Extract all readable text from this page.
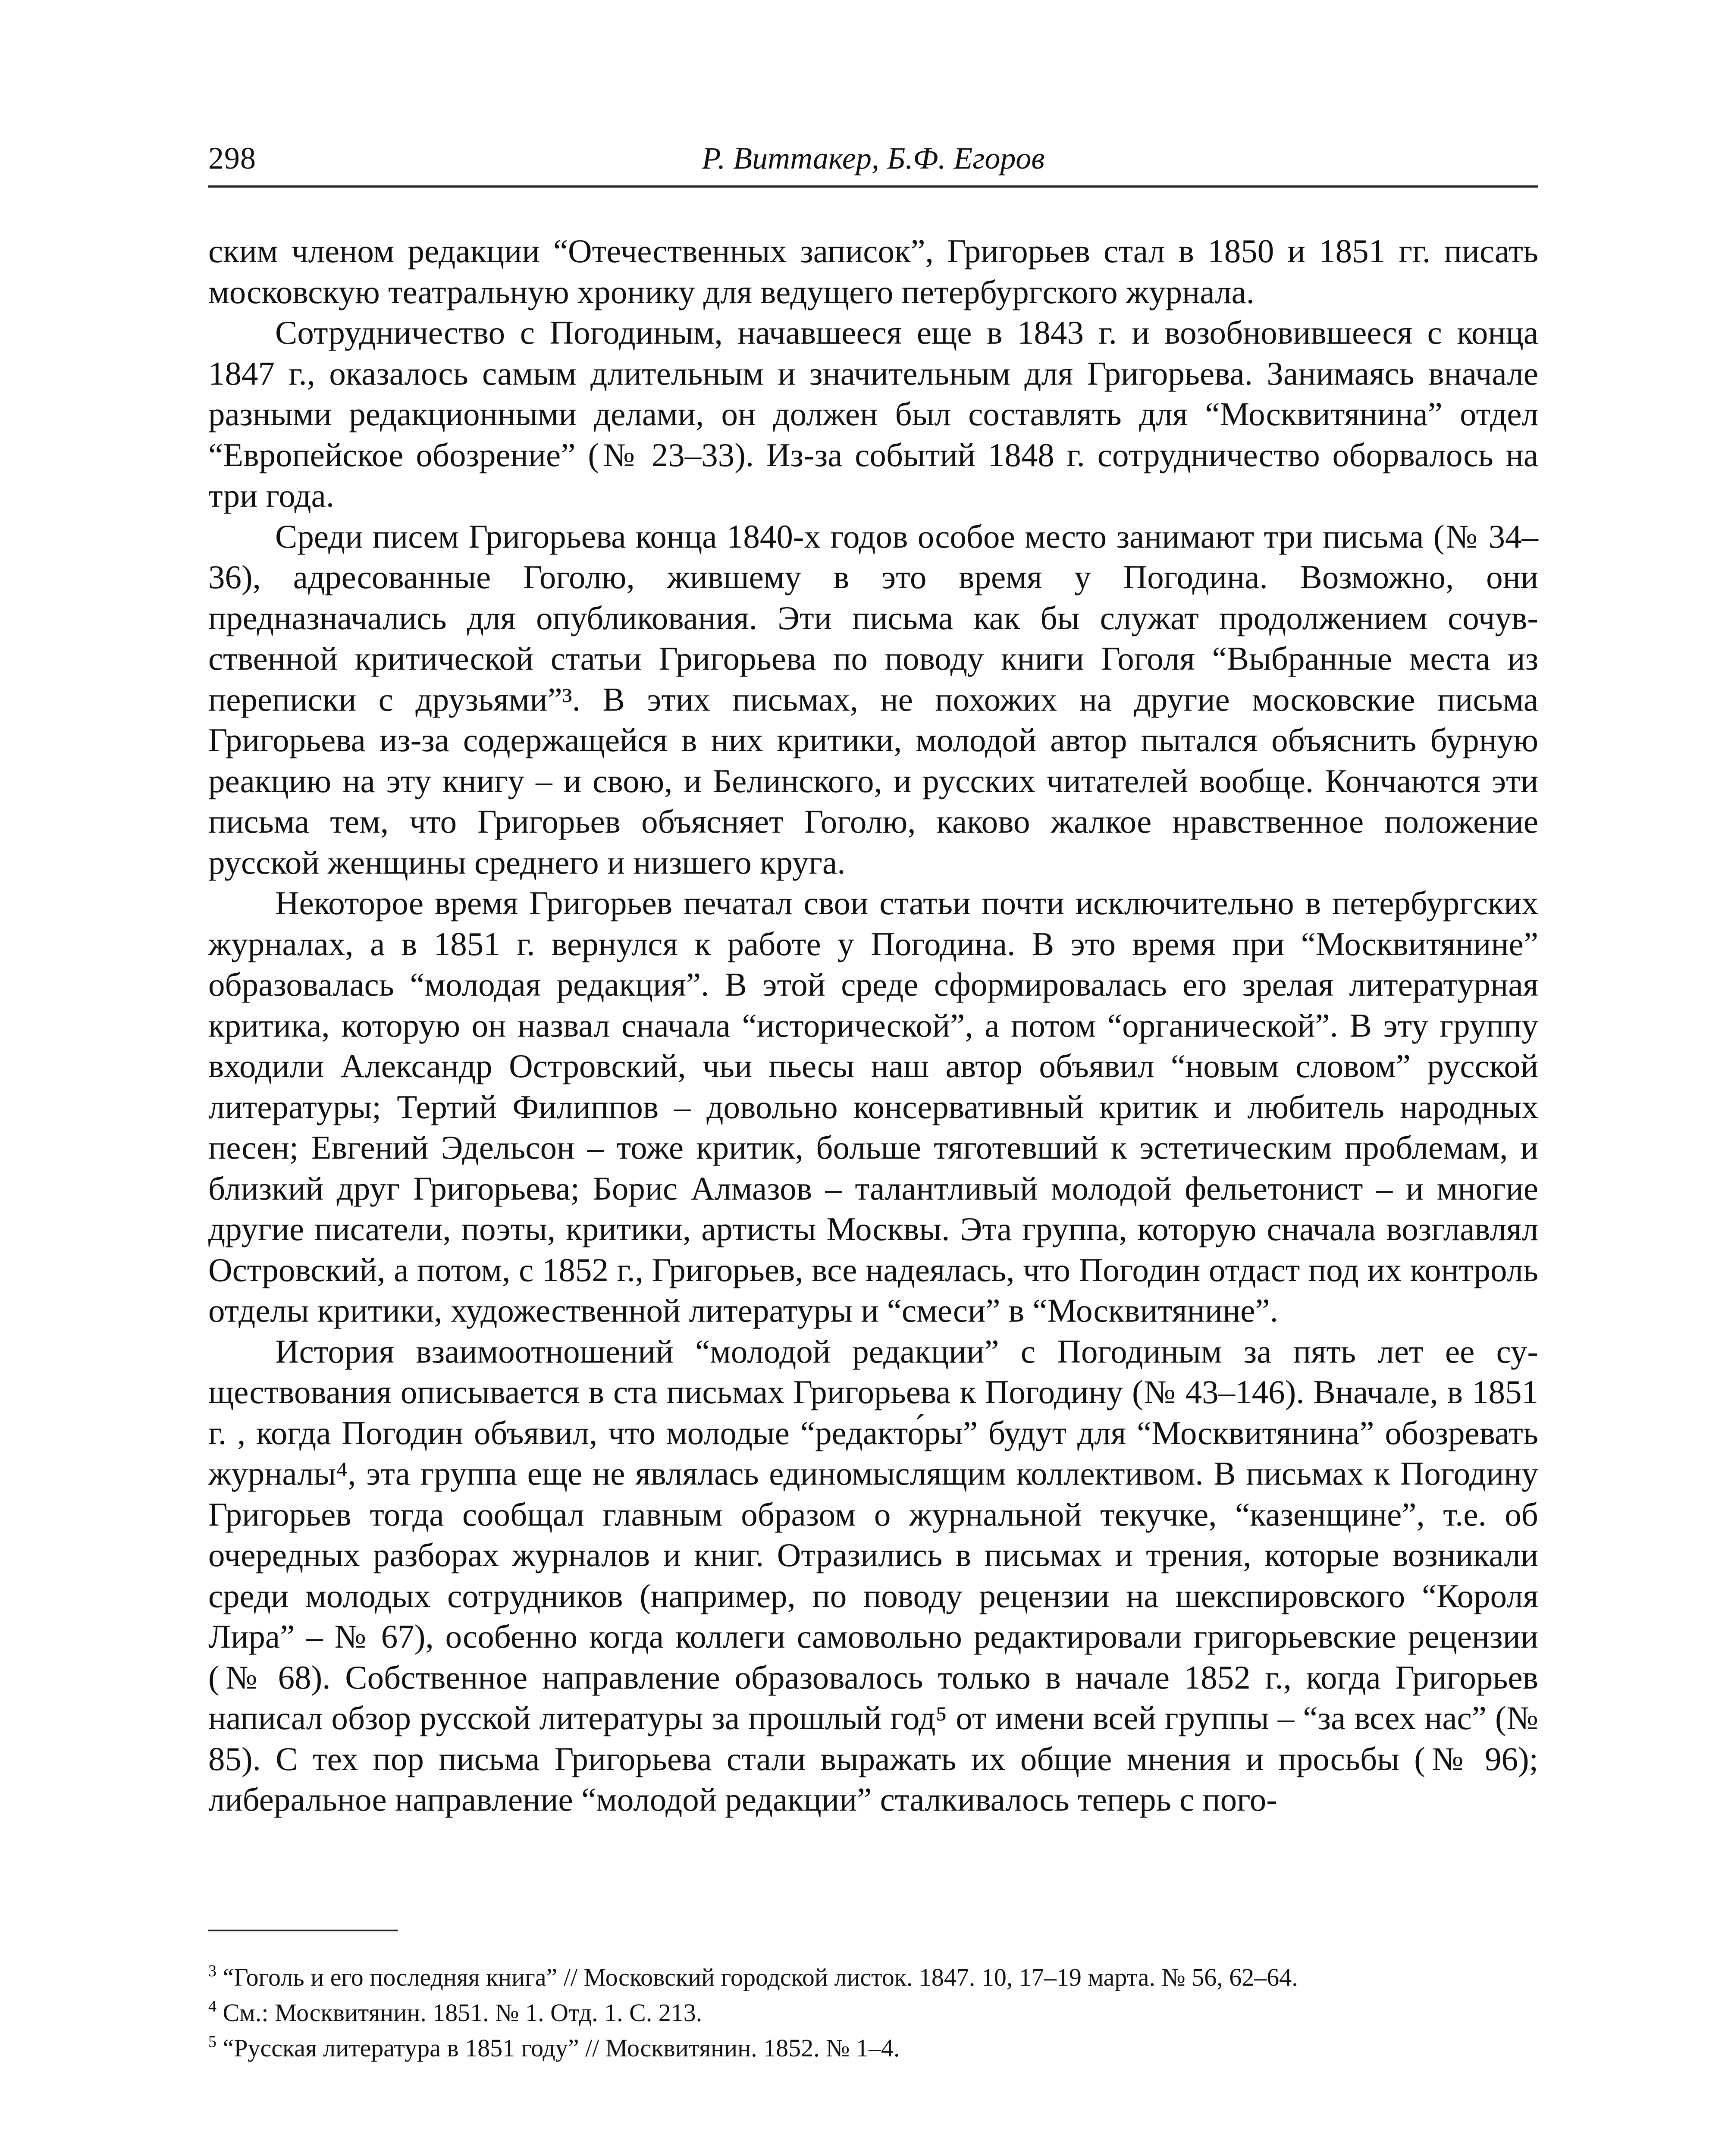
298	Р. Виттакер, Б.Ф. Егоров

ским членом редакции “Отечественных записок”, Григорьев стал в 1850 и 1851 гг. писать московскую театральную хронику для ведущего петербургского журнала.

Сотрудничество с Погодиным, начавшееся еще в 1843 г. и возобновившееся с конца 1847 г., оказалось самым длительным и значительным для Григорьева. Занимаясь вначале разными редакционными делами, он должен был составлять для “Москвитянина” отдел “Европейское обозрение” (№ 23–33). Из-за событий 1848 г. сотрудничество оборвалось на три года.

Среди писем Григорьева конца 1840-х годов особое место занимают три письма (№ 34–36), адресованные Гоголю, жившему в это время у Погодина. Возможно, они предназначались для опубликования. Эти письма как бы служат продолжением сочувственной критической статьи Григорьева по поводу книги Гоголя “Выбранные места из переписки с друзьями”³. В этих письмах, не похожих на другие московские письма Григорьева из-за содержащейся в них критики, молодой автор пытался объяснить бурную реакцию на эту книгу – и свою, и Белинского, и русских читателей вообще. Кончаются эти письма тем, что Григорьев объясняет Гоголю, каково жалкое нравственное положение русской женщины среднего и низшего круга.

Некоторое время Григорьев печатал свои статьи почти исключительно в петербургских журналах, а в 1851 г. вернулся к работе у Погодина. В это время при “Москвитянине” образовалась “молодая редакция”. В этой среде сформировалась его зрелая литературная критика, которую он назвал сначала “исторической”, а потом “органической”. В эту группу входили Александр Островский, чьи пьесы наш автор объявил “новым словом” русской литературы; Тертий Филиппов – довольно консервативный критик и любитель народных песен; Евгений Эдельсон – тоже критик, больше тяготевший к эстетическим проблемам, и близкий друг Григорьева; Борис Алмазов – талантливый молодой фельетонист – и многие другие писатели, поэты, критики, артисты Москвы. Эта группа, которую сначала возглавлял Островский, а потом, с 1852 г., Григорьев, все надеялась, что Погодин отдаст под их контроль отделы критики, художественной литературы и “смеси” в “Москвитянине”.

История взаимоотношений “молодой редакции” с Погодиным за пять лет ее существования описывается в ста письмах Григорьева к Погодину (№ 43–146). Вначале, в 1851 г. , когда Погодин объявил, что молодые “редакто́ры” будут для “Москвитянина” обозревать журналы⁴, эта группа еще не являлась единомыслящим коллективом. В письмах к Погодину Григорьев тогда сообщал главным образом о журнальной текучке, “казенщине”, т.е. об очередных разборах журналов и книг. Отразились в письмах и трения, которые возникали среди молодых сотрудников (например, по поводу рецензии на шекспировского “Короля Лира” – № 67), особенно когда коллеги самовольно редактировали григорьевские рецензии (№ 68). Собственное направление образовалось только в начале 1852 г., когда Григорьев написал обзор русской литературы за прошлый год⁵ от имени всей группы – “за всех нас” (№ 85). С тех пор письма Григорьева стали выражать их общие мнения и просьбы (№ 96); либеральное направление “молодой редакции” сталкивалось теперь с пого-

$^3$ “Гоголь и его последняя книга” // Московский городской листок. 1847. 10, 17–19 марта. № 56, 62–64.

$^4$ См.: Москвитянин. 1851. № 1. Отд. 1. С. 213.

$^5$ “Русская литература в 1851 году” // Москвитянин. 1852. № 1–4.
